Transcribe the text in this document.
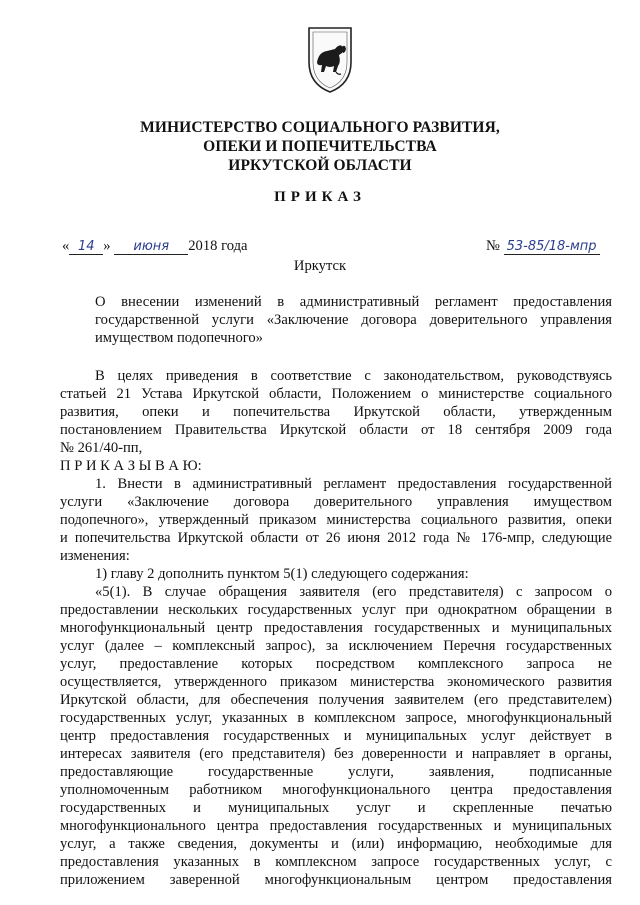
МИНИСТЕРСТВО СОЦИАЛЬНОГО РАЗВИТИЯ,
ОПЕКИ И ПОПЕЧИТЕЛЬСТВА
ИРКУТСКОЙ ОБЛАСТИ
ПРИКАЗ
« 14 » июня 2018 года	№ 53-85/18-мпр
Иркутск
О внесении изменений в административный регламент предоставления
государственной услуги «Заключение договора доверительного управления
имуществом подопечного»
В целях приведения в соответствие с законодательством, руководствуясь
статьей 21 Устава Иркутской области, Положением о министерстве социального
развития, опеки и попечительства Иркутской области, утвержденным
постановлением Правительства Иркутской области от 18 сентября 2009 года
№ 261/40-пп,
П Р И К А З Ы В А Ю:
1. Внести в административный регламент предоставления государственной
услуги «Заключение договора доверительного управления имуществом
подопечного», утвержденный приказом министерства социального развития, опеки
и попечительства Иркутской области от 26 июня 2012 года № 176-мпр, следующие
изменения:
1) главу 2 дополнить пунктом 5(1) следующего содержания:
«5(1). В случае обращения заявителя (его представителя) с запросом о
предоставлении нескольких государственных услуг при однократном обращении в
многофункциональный центр предоставления государственных и муниципальных
услуг (далее – комплексный запрос), за исключением Перечня государственных
услуг, предоставление которых посредством комплексного запроса не
осуществляется, утвержденного приказом министерства экономического развития
Иркутской области, для обеспечения получения заявителем (его представителем)
государственных услуг, указанных в комплексном запросе, многофункциональный
центр предоставления государственных и муниципальных услуг действует в
интересах заявителя (его представителя) без доверенности и направляет в органы,
предоставляющие государственные услуги, заявления, подписанные
уполномоченным работником многофункционального центра предоставления
государственных и муниципальных услуг и скрепленные печатью
многофункционального центра предоставления государственных и муниципальных
услуг, а также сведения, документы и (или) информацию, необходимые для
предоставления указанных в комплексном запросе государственных услуг, с
приложением заверенной многофункциональным центром предоставления
